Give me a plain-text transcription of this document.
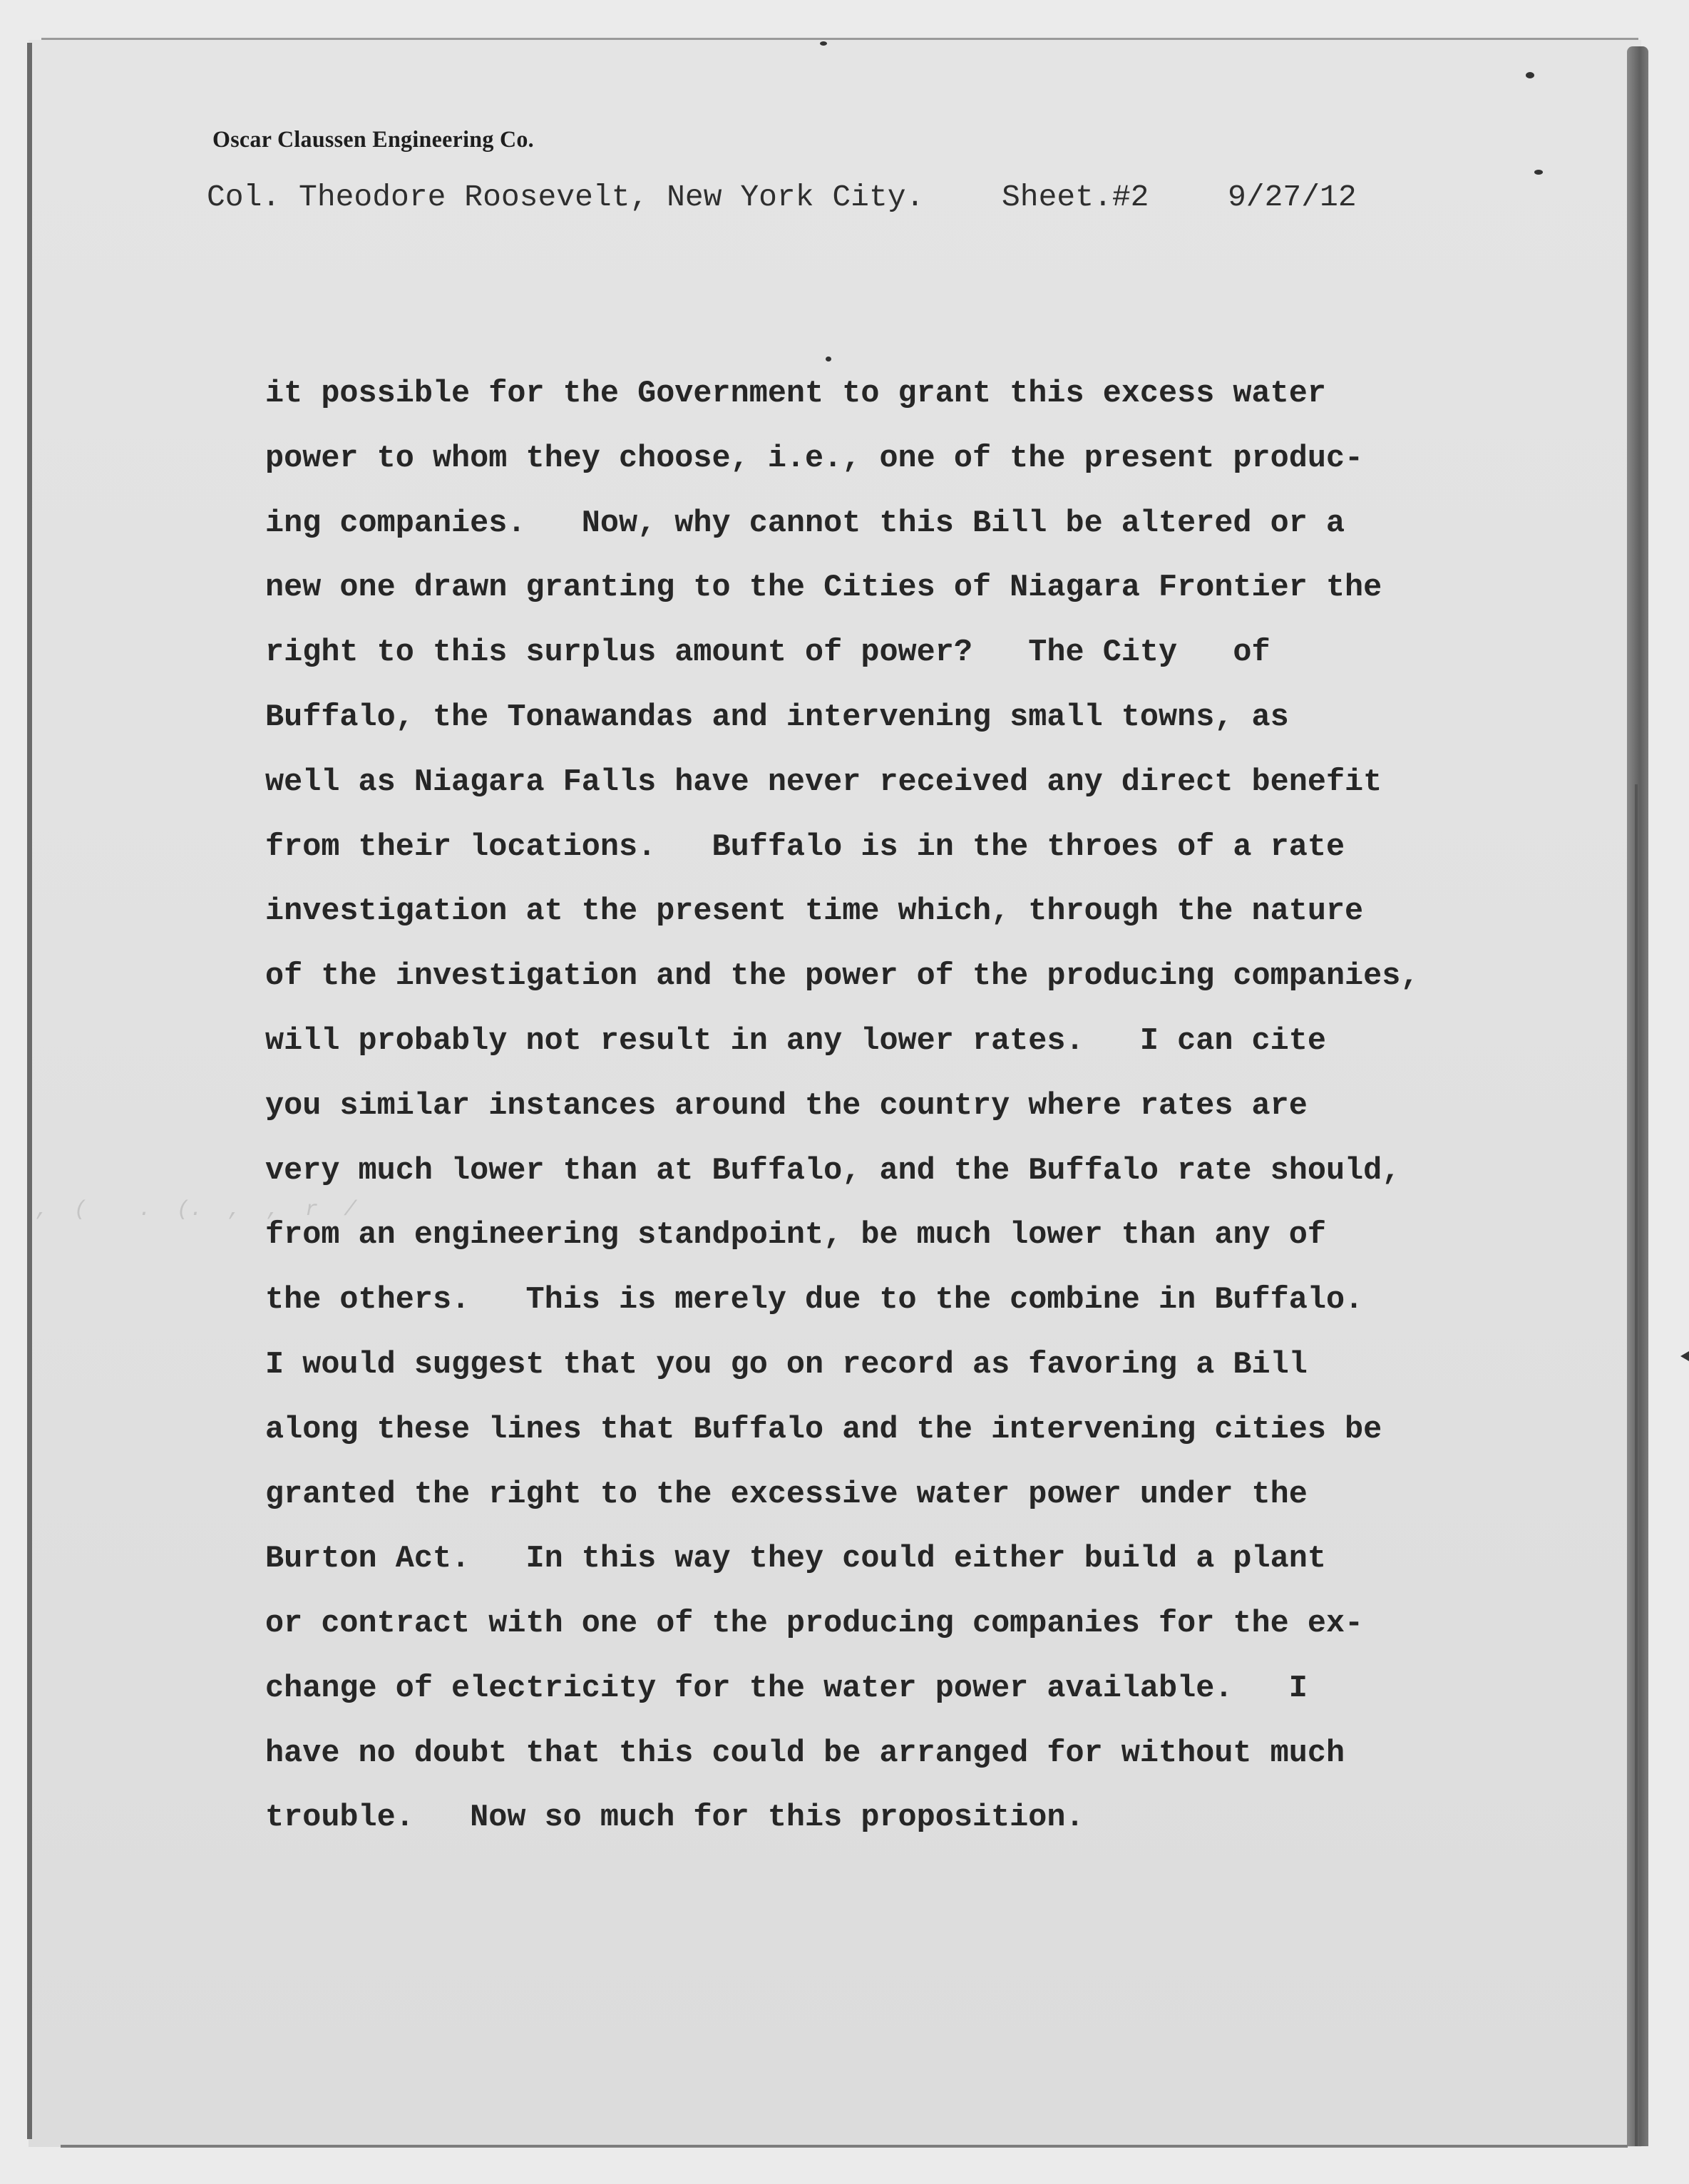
,  (    .  (.  ,  ,  r  /
Oscar Claussen Engineering Co.
Col. Theodore Roosevelt, New York City.	Sheet.#2	9/27/12
it possible for the Government to grant this excess water
power to whom they choose, i.e., one of the present produc-
ing companies.   Now, why cannot this Bill be altered or a
new one drawn granting to the Cities of Niagara Frontier the
right to this surplus amount of power?   The City   of
Buffalo, the Tonawandas and intervening small towns, as
well as Niagara Falls have never received any direct benefit
from their locations.   Buffalo is in the throes of a rate
investigation at the present time which, through the nature
of the investigation and the power of the producing companies,
will probably not result in any lower rates.   I can cite
you similar instances around the country where rates are
very much lower than at Buffalo, and the Buffalo rate should,
from an engineering standpoint, be much lower than any of
the others.   This is merely due to the combine in Buffalo.
I would suggest that you go on record as favoring a Bill
along these lines that Buffalo and the intervening cities be
granted the right to the excessive water power under the
Burton Act.   In this way they could either build a plant
or contract with one of the producing companies for the ex-
change of electricity for the water power available.   I
have no doubt that this could be arranged for without much
trouble.   Now so much for this proposition.
